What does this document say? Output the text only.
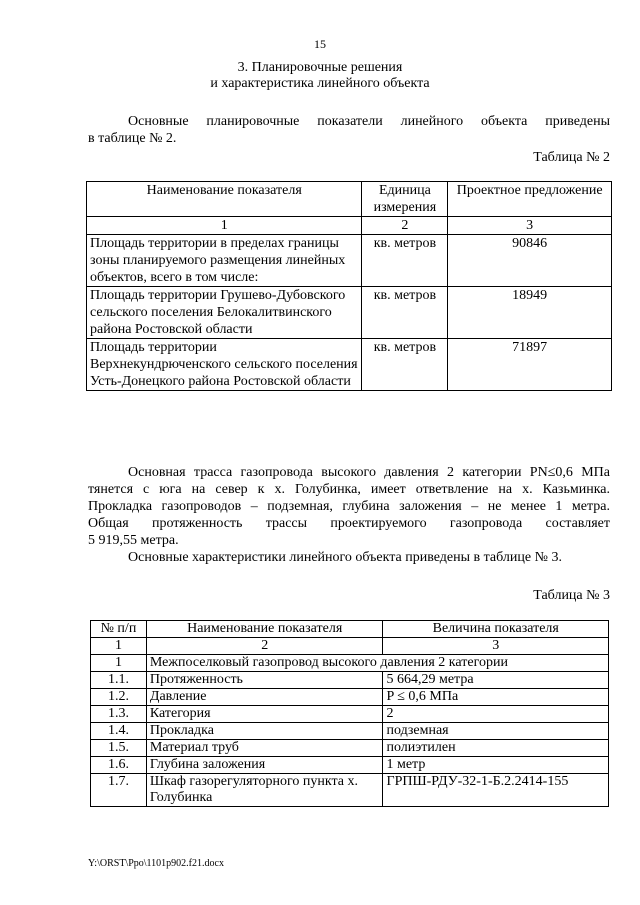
15
3. Планировочные решения
и характеристика линейного объекта
Основные планировочные показатели линейного объекта приведены
в таблице № 2.
Таблица № 2
Наименование показателя	Единица измерения	Проектное предложение
1	2	3
Площадь территории в пределах границы зоны планируемого размещения линейных объектов, всего в том числе:	кв. метров	90846
Площадь территории Грушево-Дубовского сельского поселения Белокалитвинского района Ростовской области	кв. метров	18949
Площадь территории Верхнекундрюченского сельского поселения Усть-Донецкого района Ростовской области	кв. метров	71897
Основная трасса газопровода высокого давления 2 категории PN≤0,6 МПа
тянется с юга на север к х. Голубинка, имеет ответвление на х. Казьминка.
Прокладка газопроводов – подземная, глубина заложения – не менее 1 метра.
Общая протяженность трассы проектируемого газопровода составляет
5 919,55 метра.
Основные характеристики линейного объекта приведены в таблице № 3.
Таблица № 3
№ п/п	Наименование показателя	Величина показателя
1	2	3
1	Межпоселковый газопровод высокого давления 2 категории	
1.1.	Протяженность	5 664,29 метра
1.2.	Давление	P ≤ 0,6 МПа
1.3.	Категория	2
1.4.	Прокладка	подземная
1.5.	Материал труб	полиэтилен
1.6.	Глубина заложения	1 метр
1.7.	Шкаф газорегуляторного пункта х. Голубинка	ГРПШ-РДУ-32-1-Б.2.2414-155
Y:\ORST\Ppo\1101p902.f21.docx
